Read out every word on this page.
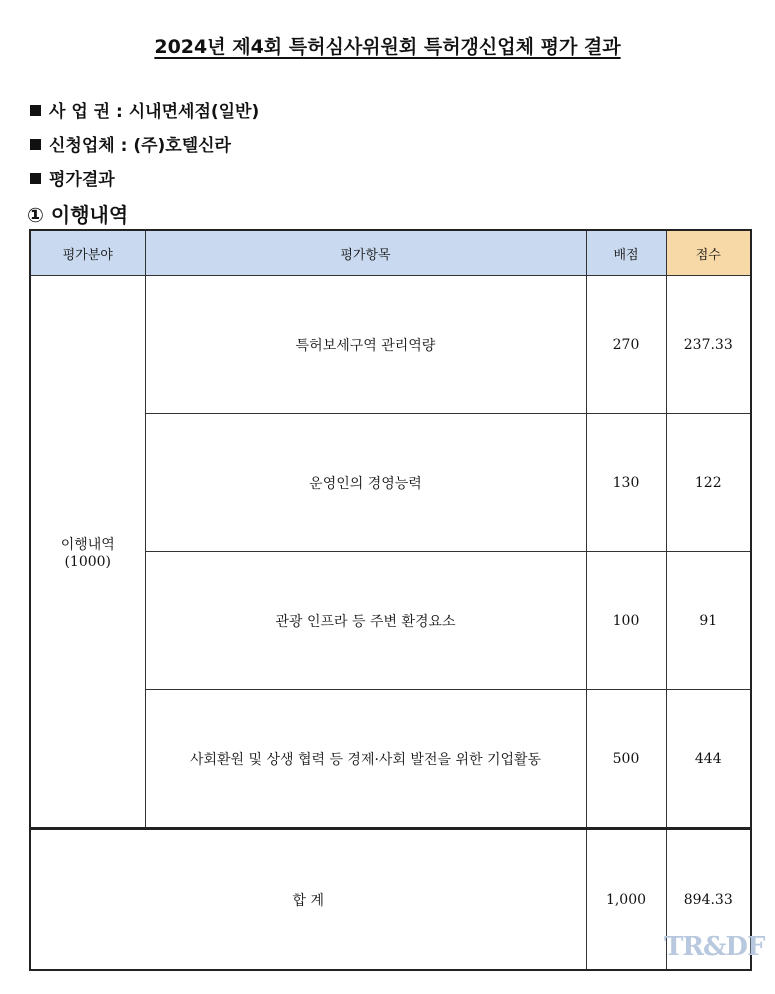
2024년 제4회 특허심사위원회 특허갱신업체 평가 결과
사 업 권 : 시내면세점(일반)
신청업체 : (주)호텔신라
평가결과
① 이행내역
평가분야	평가항목	배점	점수

이행내역
(1000)	특허보세구역 관리역량	270	237.33
	운영인의 경영능력	130	122
	관광 인프라 등 주변 환경요소	100	91
	사회환원 및 상생 협력 등 경제·사회 발전을 위한 기업활동	500	444
합 계		1,000	894.33
TR&DF
